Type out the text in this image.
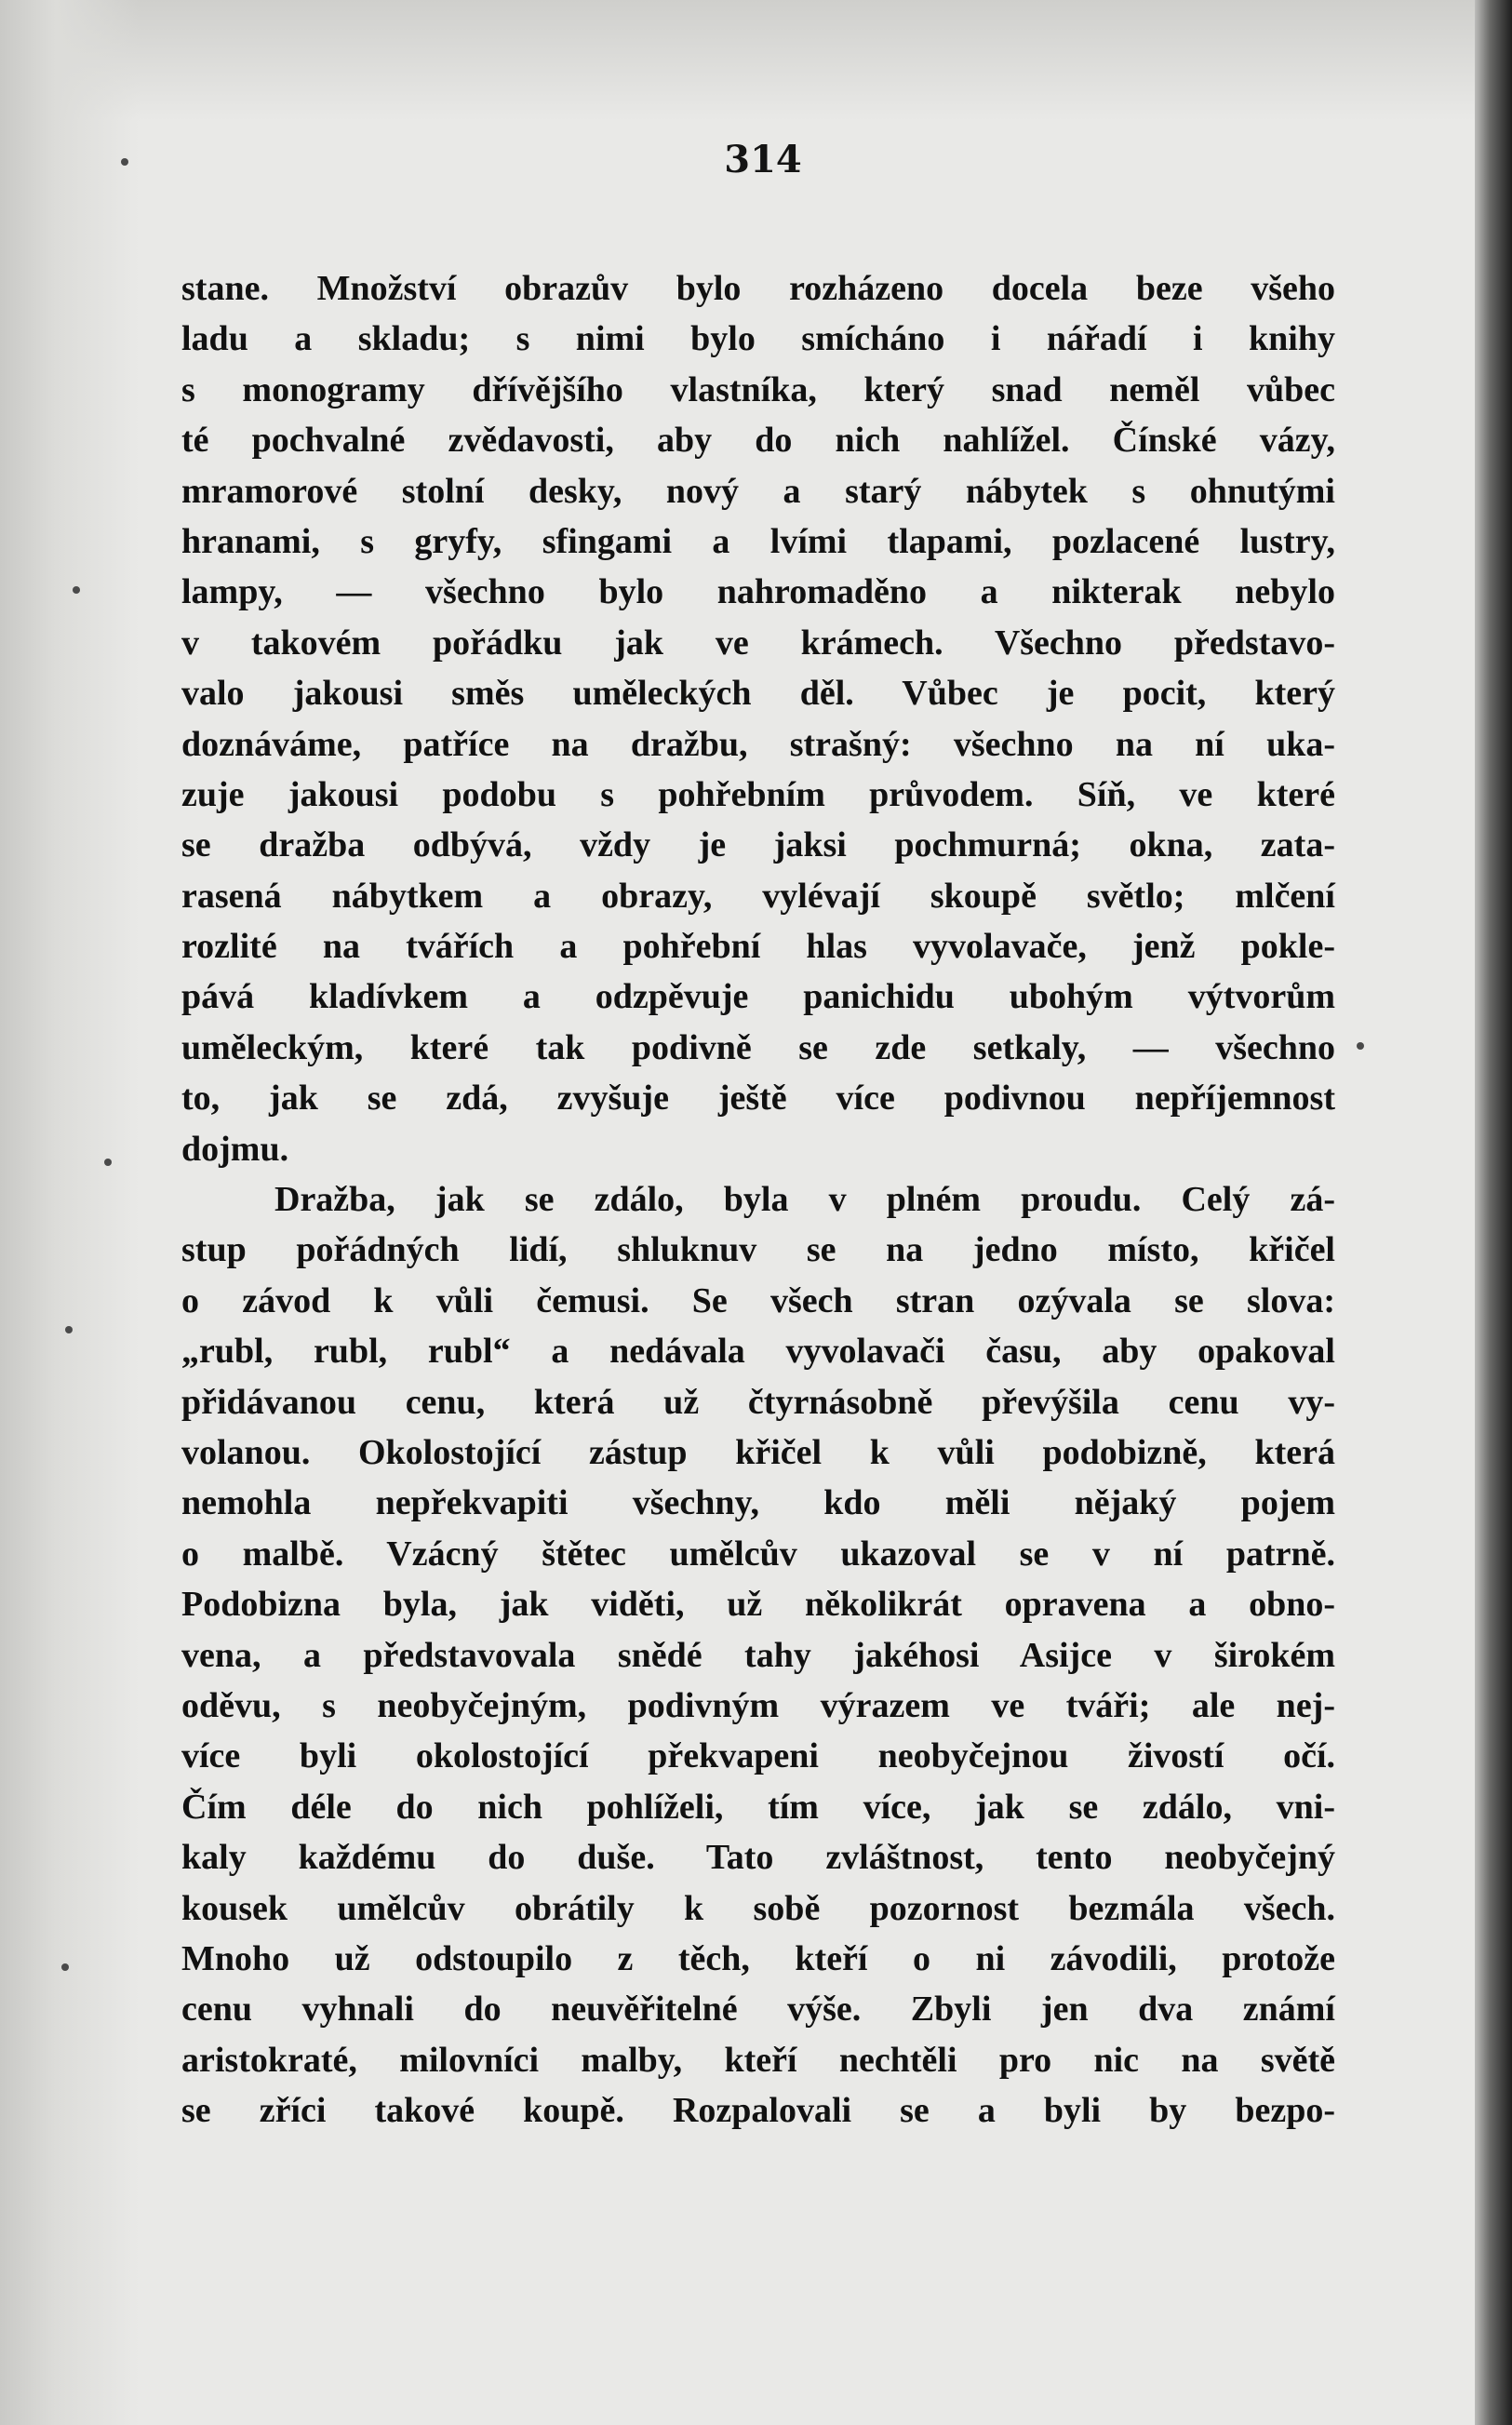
314
stane. Množství obrazův bylo rozházeno docela beze všeho
ladu a skladu; s nimi bylo smícháno i nářadí i knihy
s monogramy dřívějšího vlastníka, který snad neměl vůbec
té pochvalné zvědavosti, aby do nich nahlížel. Čínské vázy,
mramorové stolní desky, nový a starý nábytek s ohnutými
hranami, s gryfy, sfingami a lvími tlapami, pozlacené lustry,
lampy, — všechno bylo nahromaděno a nikterak nebylo
v takovém pořádku jak ve krámech. Všechno představo-
valo jakousi směs uměleckých děl. Vůbec je pocit, který
doznáváme, patříce na dražbu, strašný: všechno na ní uka-
zuje jakousi podobu s pohřebním průvodem. Síň, ve které
se dražba odbývá, vždy je jaksi pochmurná; okna, zata-
rasená nábytkem a obrazy, vylévají skoupě světlo; mlčení
rozlité na tvářích a pohřební hlas vyvolavače, jenž pokle-
pává kladívkem a odzpěvuje panichidu ubohým výtvorům
uměleckým, které tak podivně se zde setkaly, — všechno
to, jak se zdá, zvyšuje ještě více podivnou nepříjemnost
dojmu.
Dražba, jak se zdálo, byla v plném proudu. Celý zá-
stup pořádných lidí, shluknuv se na jedno místo, křičel
o závod k vůli čemusi. Se všech stran ozývala se slova:
„rubl, rubl, rubl“ a nedávala vyvolavači času, aby opakoval
přidávanou cenu, která už čtyrnásobně převýšila cenu vy-
volanou. Okolostojící zástup křičel k vůli podobizně, která
nemohla nepřekvapiti všechny, kdo měli nějaký pojem
o malbě. Vzácný štětec umělcův ukazoval se v ní patrně.
Podobizna byla, jak viděti, už několikrát opravena a obno-
vena, a představovala snědé tahy jakéhosi Asijce v širokém
oděvu, s neobyčejným, podivným výrazem ve tváři; ale nej-
více byli okolostojící překvapeni neobyčejnou živostí očí.
Čím déle do nich pohlíželi, tím více, jak se zdálo, vni-
kaly každému do duše. Tato zvláštnost, tento neobyčejný
kousek umělcův obrátily k sobě pozornost bezmála všech.
Mnoho už odstoupilo z těch, kteří o ni závodili, protože
cenu vyhnali do neuvěřitelné výše. Zbyli jen dva známí
aristokraté, milovníci malby, kteří nechtěli pro nic na světě
se zříci takové koupě. Rozpalovali se a byli by bezpo-
